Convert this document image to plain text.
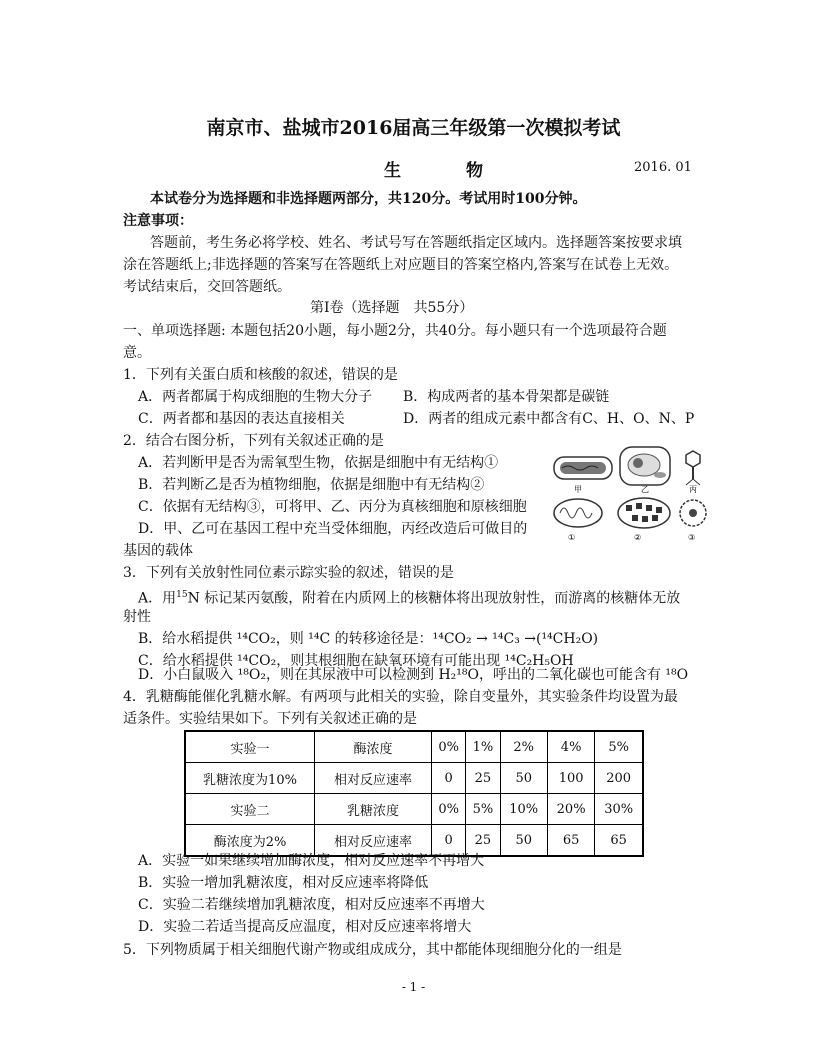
南京市、盐城市2016届高三年级第一次模拟考试
生　物	2016. 01
本试卷分为选择题和非选择题两部分，共120分。考试用时100分钟。
注意事项：
答题前，考生务必将学校、姓名、考试号写在答题纸指定区域内。选择题答案按要求填
涂在答题纸上;非选择题的答案写在答题纸上对应题目的答案空格内,答案写在试卷上无效。
考试结束后，交回答题纸。
第Ⅰ卷（选择题　共55分）
一、单项选择题: 本题包括20小题，每小题2分，共40分。每小题只有一个选项最符合题
意。
1．下列有关蛋白质和核酸的叙述，错误的是
A．两者都属于构成细胞的生物大分子 B．构成两者的基本骨架都是碳链
C．两者都和基因的表达直接相关	D．两者的组成元素中都含有C、H、O、N、P
2．结合右图分析，下列有关叙述正确的是
A．若判断甲是否为需氧型生物，依据是细胞中有无结构①
B．若判断乙是否为植物细胞，依据是细胞中有无结构②
C．依据有无结构③，可将甲、乙、丙分为真核细胞和原核细胞
D．甲、乙可在基因工程中充当受体细胞，丙经改造后可做目的
基因的载体
甲	乙	丙
①	②	③
3．下列有关放射性同位素示踪实验的叙述，错误的是
A．用$^{15}$N 标记某丙氨酸，附着在内质网上的核糖体将出现放射性，而游离的核糖体无放
射性
B．给水稻提供 ¹⁴CO₂，则 ¹⁴C 的转移途径是：¹⁴CO₂ → ¹⁴C₃ →(¹⁴CH₂O)
C．给水稻提供 ¹⁴CO₂，则其根细胞在缺氧环境有可能出现 ¹⁴C₂H₅OH
D．小白鼠吸入 ¹⁸O₂，则在其尿液中可以检测到 H₂¹⁸O，呼出的二氧化碳也可能含有 ¹⁸O
4．乳糖酶能催化乳糖水解。有两项与此相关的实验，除自变量外，其实验条件均设置为最
适条件。实验结果如下。下列有关叙述正确的是
实验一	酶浓度	0%	1%	2%	4%	5%
乳糖浓度为10%	相对反应速率	0	25	50	100	200
实验二	乳糖浓度	0%	5%	10%	20%	30%
酶浓度为2%	相对反应速率	0	25	50	65	65
A．实验一如果继续增加酶浓度，相对反应速率不再增大
B．实验一增加乳糖浓度，相对反应速率将降低
C．实验二若继续增加乳糖浓度，相对反应速率不再增大
D．实验二若适当提高反应温度，相对反应速率将增大
5．下列物质属于相关细胞代谢产物或组成成分，其中都能体现细胞分化的一组是
- 1 -
